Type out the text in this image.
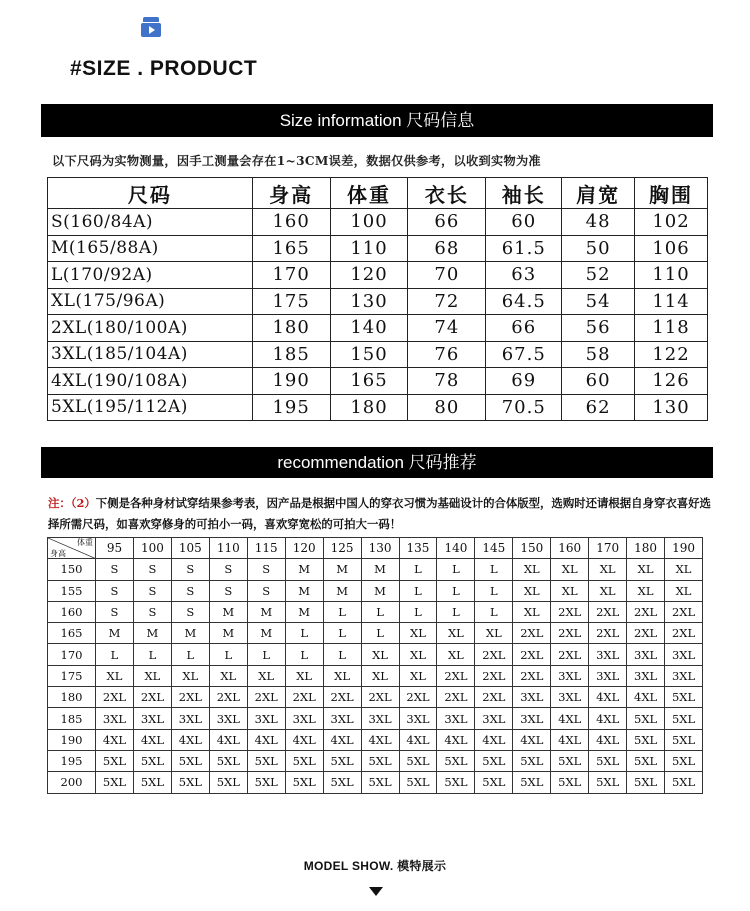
#SIZE . PRODUCT
Size information 尺码信息
以下尺码为实物测量，因手工测量会存在1~3CM误差，数据仅供参考，以收到实物为准
尺码	身高	体重	衣长	袖长	肩宽	胸围
S(160/84A)	160	100	66	60	48	102
M(165/88A)	165	110	68	61.5	50	106
L(170/92A)	170	120	70	63	52	110
XL(175/96A)	175	130	72	64.5	54	114
2XL(180/100A)	180	140	74	66	56	118
3XL(185/104A)	185	150	76	67.5	58	122
4XL(190/108A)	190	165	78	69	60	126
5XL(195/112A)	195	180	80	70.5	62	130
recommendation 尺码推荐
注：（2）下侧是各种身材试穿结果参考表，因产品是根据中国人的穿衣习惯为基础设计的合体版型，选购时还请根据自身穿衣喜好选择所需尺码，如喜欢穿修身的可拍小一码，喜欢穿宽松的可拍大一码！
体重
身高	95	100	105	110	115	120	125	130	135	140	145	150	160	170	180	190
150	S	S	S	S	S	M	M	M	L	L	L	XL	XL	XL	XL	XL
155	S	S	S	S	S	M	M	M	L	L	L	XL	XL	XL	XL	XL
160	S	S	S	M	M	M	L	L	L	L	L	XL	2XL	2XL	2XL	2XL
165	M	M	M	M	M	L	L	L	XL	XL	XL	2XL	2XL	2XL	2XL	2XL
170	L	L	L	L	L	L	L	XL	XL	XL	2XL	2XL	2XL	3XL	3XL	3XL
175	XL	XL	XL	XL	XL	XL	XL	XL	XL	2XL	2XL	2XL	3XL	3XL	3XL	3XL
180	2XL	2XL	2XL	2XL	2XL	2XL	2XL	2XL	2XL	2XL	2XL	3XL	3XL	4XL	4XL	5XL
185	3XL	3XL	3XL	3XL	3XL	3XL	3XL	3XL	3XL	3XL	3XL	3XL	4XL	4XL	5XL	5XL
190	4XL	4XL	4XL	4XL	4XL	4XL	4XL	4XL	4XL	4XL	4XL	4XL	4XL	4XL	5XL	5XL
195	5XL	5XL	5XL	5XL	5XL	5XL	5XL	5XL	5XL	5XL	5XL	5XL	5XL	5XL	5XL	5XL
200	5XL	5XL	5XL	5XL	5XL	5XL	5XL	5XL	5XL	5XL	5XL	5XL	5XL	5XL	5XL	5XL
MODEL SHOW. 模特展示
